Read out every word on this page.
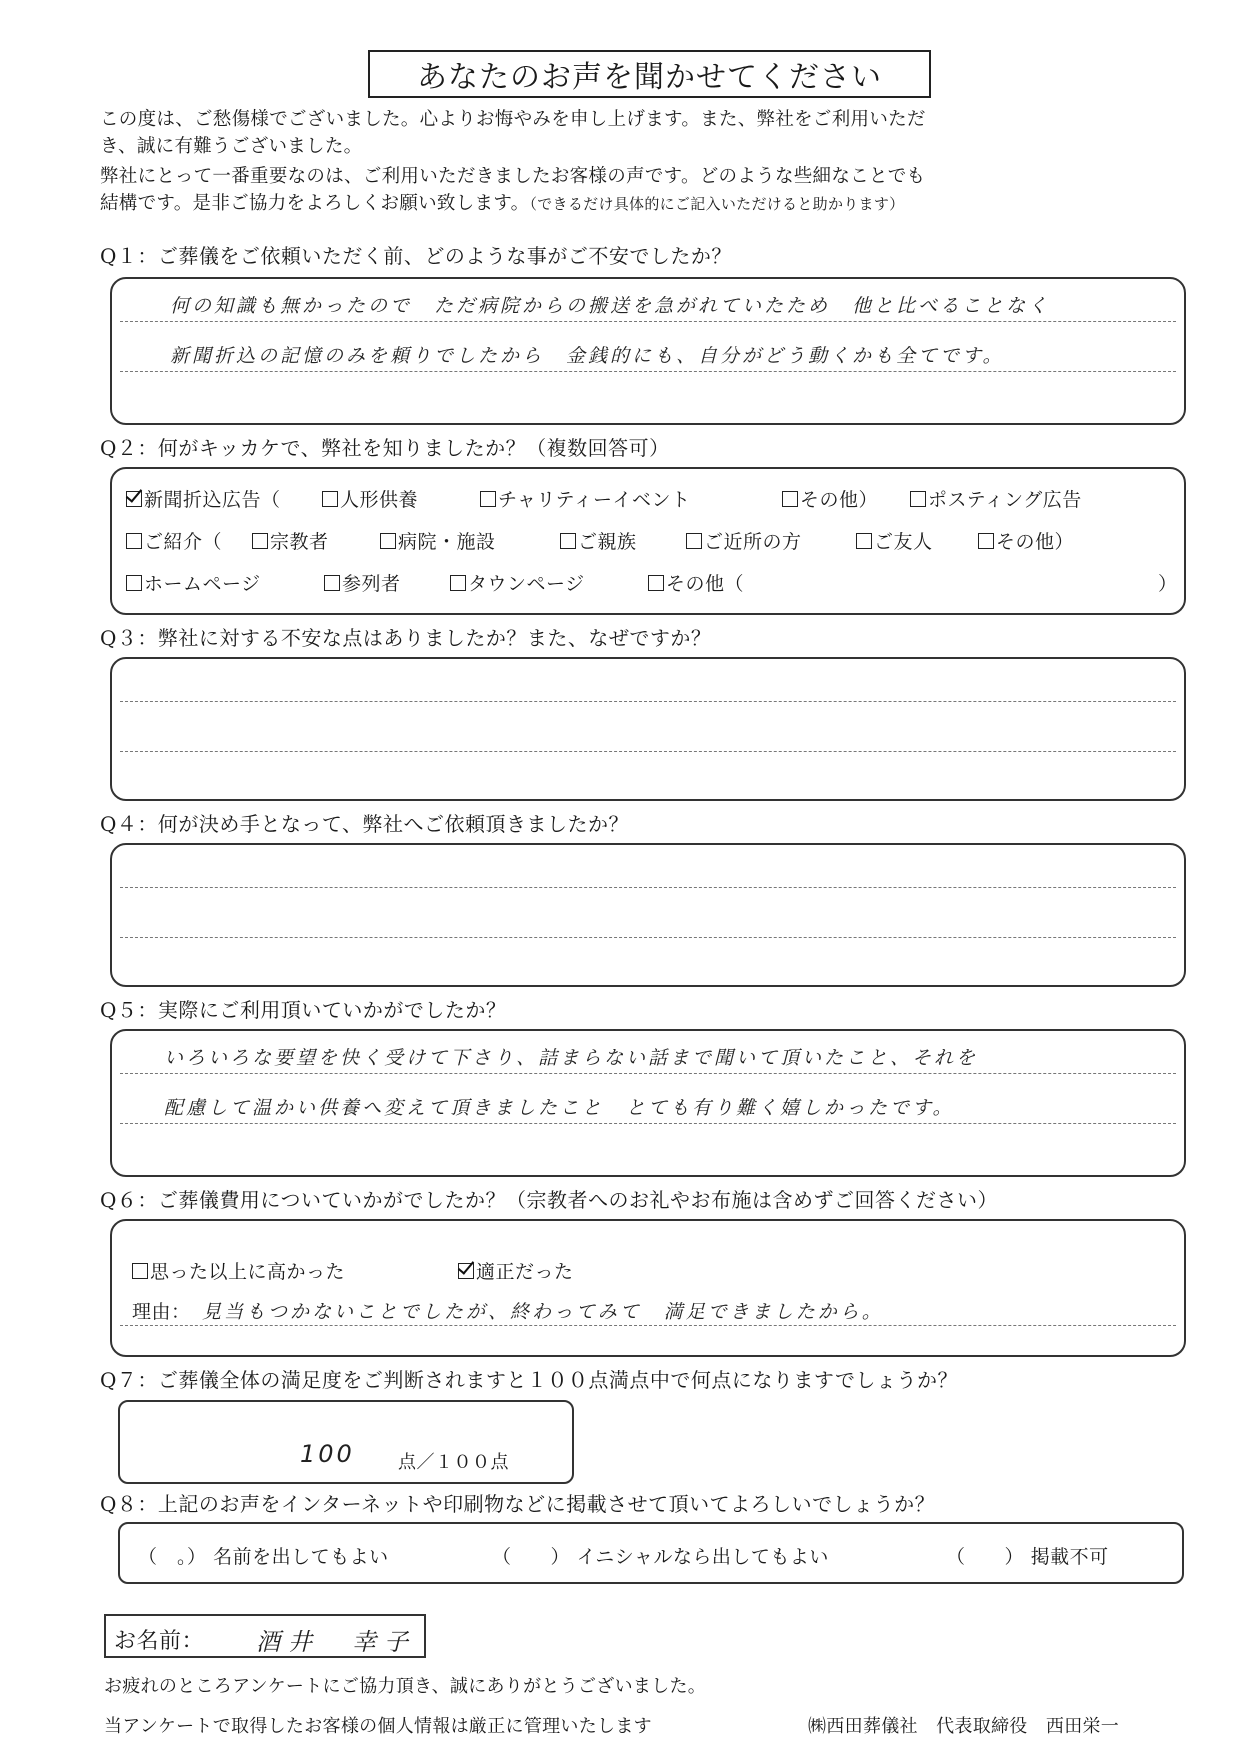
あなたのお声を聞かせてください
この度は、ご愁傷様でございました。心よりお悔やみを申し上げます。また、弊社をご利用いただ
き、誠に有難うございました。
弊社にとって一番重要なのは、ご利用いただきましたお客様の声です。どのような些細なことでも
結構です。是非ご協力をよろしくお願い致します。（できるだけ具体的にご記入いただけると助かります）
Q１：ご葬儀をご依頼いただく前、どのような事がご不安でしたか？
何の知識も無かったので　ただ病院からの搬送を急がれていたため　他と比べることなく
新聞折込の記憶のみを頼りでしたから　金銭的にも、自分がどう動くかも全てです。
Q２：何がキッカケで、弊社を知りましたか？（複数回答可）
新聞折込広告（	人形供養	チャリティーイベント	その他）	ポスティング広告
ご紹介（	宗教者	病院・施設	ご親族	ご近所の方	ご友人	その他）
ホームページ	参列者	タウンページ	その他（	）
Q３：弊社に対する不安な点はありましたか？また、なぜですか？
Q４：何が決め手となって、弊社へご依頼頂きましたか？
Q５：実際にご利用頂いていかがでしたか？
いろいろな要望を快く受けて下さり、詰まらない話まで聞いて頂いたこと、それを
配慮して温かい供養へ変えて頂きましたこと　とても有り難く嬉しかったです。
Q６：ご葬儀費用についていかがでしたか？（宗教者へのお礼やお布施は含めずご回答ください）
思った以上に高かった	適正だった
理由： 見当もつかないことでしたが、終わってみて　満足できましたから。
Q７：ご葬儀全体の満足度をご判断されますと１００点満点中で何点になりますでしょうか？
100 点／１００点
Q８：上記のお声をインターネットや印刷物などに掲載させて頂いてよろしいでしょうか？
（　。） 名前を出してもよい	（　　） イニシャルなら出してもよい	（　　） 掲載不可
お名前： 酒井　幸子
お疲れのところアンケートにご協力頂き、誠にありがとうございました。
当アンケートで取得したお客様の個人情報は厳正に管理いたします	㈱西田葬儀社　代表取締役　西田栄一
